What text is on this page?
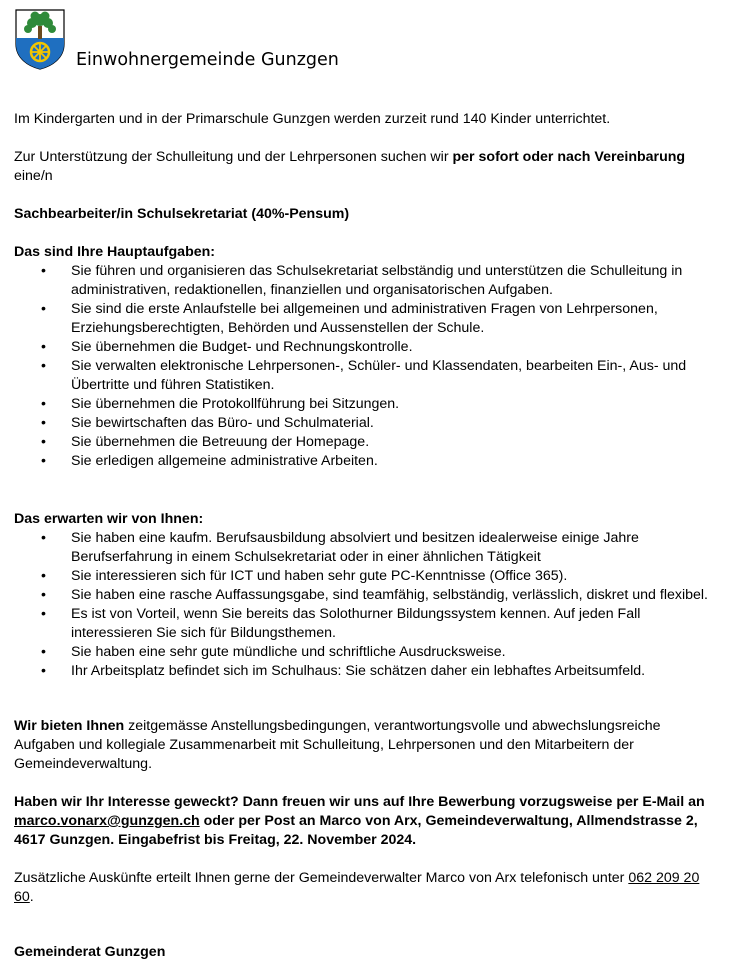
Einwohnergemeinde Gunzgen

Im Kindergarten und in der Primarschule Gunzgen werden zurzeit rund 140 Kinder unterrichtet.

Zur Unterstützung der Schulleitung und der Lehrpersonen suchen wir per sofort oder nach Vereinbarung eine/n

Sachbearbeiter/in Schulsekretariat (40%-Pensum)

Das sind Ihre Hauptaufgaben:

• Sie führen und organisieren das Schulsekretariat selbständig und unterstützen die Schulleitung in administrativen, redaktionellen, finanziellen und organisatorischen Aufgaben.
• Sie sind die erste Anlaufstelle bei allgemeinen und administrativen Fragen von Lehrpersonen, Erziehungsberechtigten, Behörden und Aussenstellen der Schule.
• Sie übernehmen die Budget- und Rechnungskontrolle.
• Sie verwalten elektronische Lehrpersonen-, Schüler- und Klassendaten, bearbeiten Ein-, Aus- und Übertritte und führen Statistiken.
• Sie übernehmen die Protokollführung bei Sitzungen.
• Sie bewirtschaften das Büro- und Schulmaterial.
• Sie übernehmen die Betreuung der Homepage.
• Sie erledigen allgemeine administrative Arbeiten.

Das erwarten wir von Ihnen:

• Sie haben eine kaufm. Berufsausbildung absolviert und besitzen idealerweise einige Jahre Berufserfahrung in einem Schulsekretariat oder in einer ähnlichen Tätigkeit
• Sie interessieren sich für ICT und haben sehr gute PC-Kenntnisse (Office 365).
• Sie haben eine rasche Auffassungsgabe, sind teamfähig, selbständig, verlässlich, diskret und flexibel.
• Es ist von Vorteil, wenn Sie bereits das Solothurner Bildungssystem kennen. Auf jeden Fall interessieren Sie sich für Bildungsthemen.
• Sie haben eine sehr gute mündliche und schriftliche Ausdrucksweise.
• Ihr Arbeitsplatz befindet sich im Schulhaus: Sie schätzen daher ein lebhaftes Arbeitsumfeld.

Wir bieten Ihnen zeitgemässe Anstellungsbedingungen, verantwortungsvolle und abwechslungsreiche Aufgaben und kollegiale Zusammenarbeit mit Schulleitung, Lehrpersonen und den Mitarbeitern der Gemeindeverwaltung.

Haben wir Ihr Interesse geweckt? Dann freuen wir uns auf Ihre Bewerbung vorzugsweise per E-Mail an marco.vonarx@gunzgen.ch oder per Post an Marco von Arx, Gemeindeverwaltung, Allmendstrasse 2, 4617 Gunzgen. Eingabefrist bis Freitag, 22. November 2024.

Zusätzliche Auskünfte erteilt Ihnen gerne der Gemeindeverwalter Marco von Arx telefonisch unter 062 209 20 60.

Gemeinderat Gunzgen
